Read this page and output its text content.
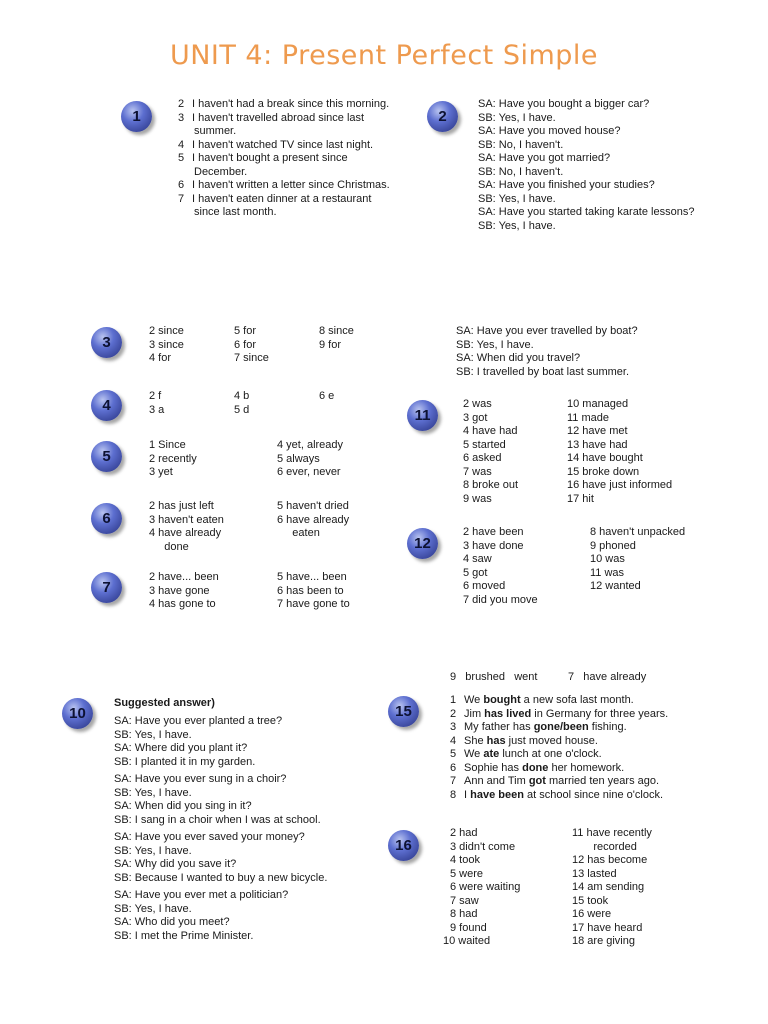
UNIT 4: Present Perfect Simple
1	2
3
4
5
6
7
10
11
12
15
16
2 I haven't had a break since this morning.
3 I haven't travelled abroad since last
summer.
4 I haven't watched TV since last night.
5 I haven't bought a present since
December.
6 I haven't written a letter since Christmas.
7 I haven't eaten dinner at a restaurant
since last month.
SA: Have you bought a bigger car?
SB: Yes, I have.
SA: Have you moved house?
SB: No, I haven't.
SA: Have you got married?
SB: No, I haven't.
SA: Have you finished your studies?
SB: Yes, I have.
SA: Have you started taking karate lessons?
SB: Yes, I have.
2 since
3 since
4 for
5 for
6 for
7 since
8 since
9 for
SA: Have you ever travelled by boat?
SB: Yes, I have.
SA: When did you travel?
SB: I travelled by boat last summer.
2 f
3 a
4 b
5 d
6 e
1 Since
2 recently
3 yet
4 yet, already
5 always
6 ever, never
2 has just left
3 haven't eaten
4 have already
done
5 haven't dried
6 have already
eaten
2 have... been
3 have gone
4 has gone to
5 have... been
6 has been to
7 have gone to
2 was
3 got
4 have had
5 started
6 asked
7 was
8 broke out
9 was
10 managed
11 made
12 have met
13 have had
14 have bought
15 broke down
16 have just informed
17 hit
2 have been
3 have done
4 saw
5 got
6 moved
7 did you move
8 haven't unpacked
9 phoned
10 was
11 was
12 wanted
9   brushed   went          7   have already
Suggested answer)
SA: Have you ever planted a tree?
SB: Yes, I have.
SA: Where did you plant it?
SB: I planted it in my garden.
SA: Have you ever sung in a choir?
SB: Yes, I have.
SA: When did you sing in it?
SB: I sang in a choir when I was at school.
SA: Have you ever saved your money?
SB: Yes, I have.
SA: Why did you save it?
SB: Because I wanted to buy a new bicycle.
SA: Have you ever met a politician?
SB: Yes, I have.
SA: Who did you meet?
SB: I met the Prime Minister.
1 We bought a new sofa last month.
2 Jim has lived in Germany for three years.
3 My father has gone/been fishing.
4 She has just moved house.
5 We ate lunch at one o'clock.
6 Sophie has done her homework.
7 Ann and Tim got married ten years ago.
8 I have been at school since nine o'clock.
2 had
3 didn't come
4 took
5 were
6 were waiting
7 saw
8 had
9 found
10 waited
11 have recently
recorded
12 has become
13 lasted
14 am sending
15 took
16 were
17 have heard
18 are giving
